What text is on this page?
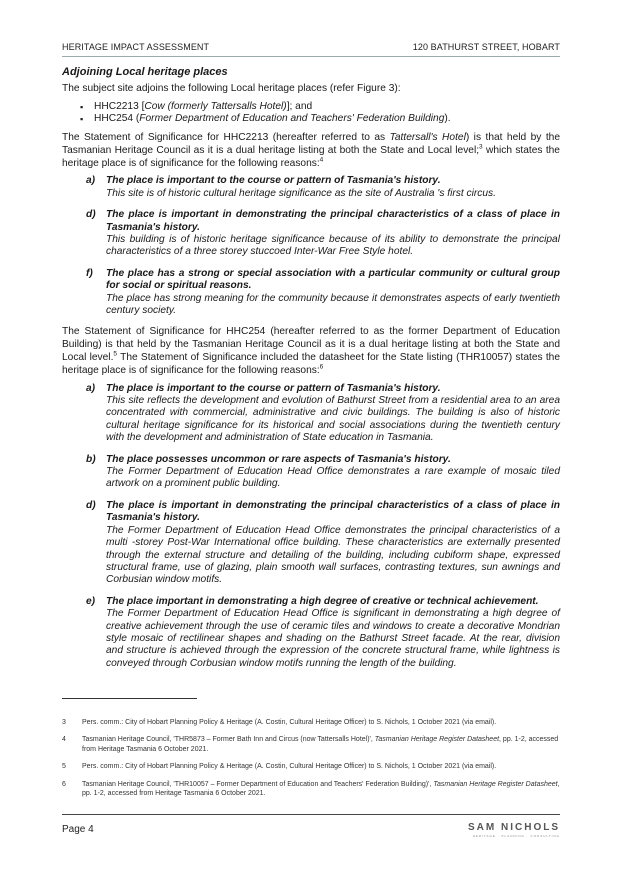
HERITAGE IMPACT ASSESSMENT	120 BATHURST STREET, HOBART
Adjoining Local heritage places

The subject site adjoins the following Local heritage places (refer Figure 3):

▪ HHC2213 [Cow (formerly Tattersalls Hotel)]; and
▪ HHC254 (Former Department of Education and Teachers' Federation Building).

The Statement of Significance for HHC2213 (hereafter referred to as Tattersall's Hotel) is that held by the Tasmanian Heritage Council as it is a dual heritage listing at both the State and Local level;$^3$ which states the heritage place is of significance for the following reasons:$^4$

a) The place is important to the course or pattern of Tasmania's history.
This site is of historic cultural heritage significance as the site of Australia 's first circus.
d) The place is important in demonstrating the principal characteristics of a class of place in Tasmania's history.
This building is of historic heritage significance because of its ability to demonstrate the principal characteristics of a three storey stuccoed Inter-War Free Style hotel.
f) The place has a strong or special association with a particular community or cultural group for social or spiritual reasons.
The place has strong meaning for the community because it demonstrates aspects of early twentieth century society.

The Statement of Significance for HHC254 (hereafter referred to as the former Department of Education Building) is that held by the Tasmanian Heritage Council as it is a dual heritage listing at both the State and Local level.$^5$ The Statement of Significance included the datasheet for the State listing (THR10057) states the heritage place is of significance for the following reasons:$^6$

a) The place is important to the course or pattern of Tasmania's history.
This site reflects the development and evolution of Bathurst Street from a residential area to an area concentrated with commercial, administrative and civic buildings. The building is also of historic cultural heritage significance for its historical and social associations during the twentieth century with the development and administration of State education in Tasmania.
b) The place possesses uncommon or rare aspects of Tasmania's history.
The Former Department of Education Head Office demonstrates a rare example of mosaic tiled artwork on a prominent public building.
d) The place is important in demonstrating the principal characteristics of a class of place in Tasmania's history.
The Former Department of Education Head Office demonstrates the principal characteristics of a multi -storey Post-War International office building. These characteristics are externally presented through the external structure and detailing of the building, including cubiform shape, expressed structural frame, use of glazing, plain smooth wall surfaces, contrasting textures, sun awnings and Corbusian window motifs.
e) The place important in demonstrating a high degree of creative or technical achievement.
The Former Department of Education Head Office is significant in demonstrating a high degree of creative achievement through the use of ceramic tiles and windows to create a decorative Mondrian style mosaic of rectilinear shapes and shading on the Bathurst Street facade. At the rear, division and structure is achieved through the expression of the concrete structural frame, while lightness is conveyed through Corbusian window motifs running the length of the building.
3 Pers. comm.: City of Hobart Planning Policy & Heritage (A. Costin, Cultural Heritage Officer) to S. Nichols, 1 October 2021 (via email).
4 Tasmanian Heritage Council, 'THR5873 – Former Bath Inn and Circus (now Tattersalls Hotel)', Tasmanian Heritage Register Datasheet, pp. 1-2, accessed from Heritage Tasmania 6 October 2021.
5 Pers. comm.: City of Hobart Planning Policy & Heritage (A. Costin, Cultural Heritage Officer) to S. Nichols, 1 October 2021 (via email).
6 Tasmanian Heritage Council, 'THR10057 – Former Department of Education and Teachers' Federation Building)', Tasmanian Heritage Register Datasheet, pp. 1-2, accessed from Heritage Tasmania 6 October 2021.
Page 4	SAM NICHOLS
HERITAGE · PLANNING · CONSULTING
